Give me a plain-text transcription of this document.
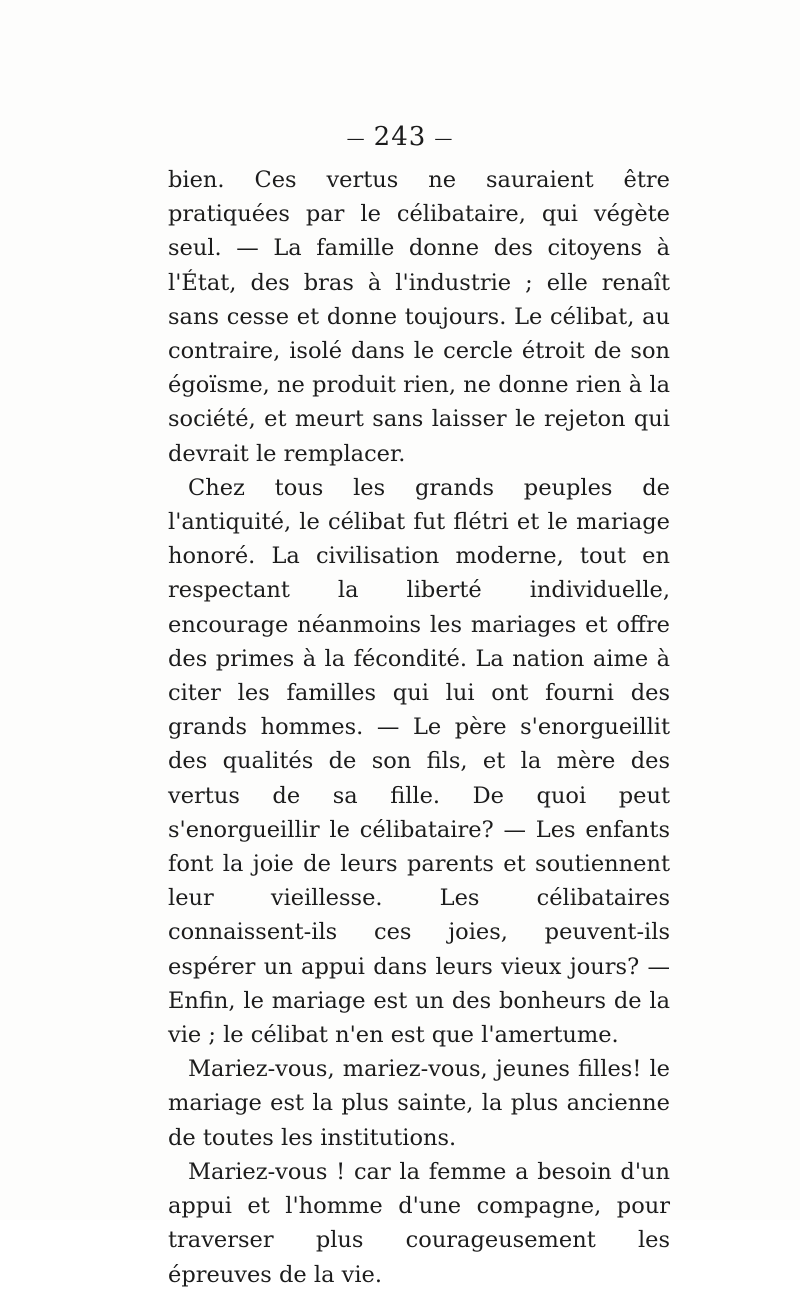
— 243 —

bien. Ces vertus ne sauraient être pratiquées par le célibataire, qui végète seul. — La famille donne des citoyens à l'État, des bras à l'industrie ; elle renaît sans cesse et donne toujours. Le célibat, au contraire, isolé dans le cercle étroit de son égoïsme, ne produit rien, ne donne rien à la société, et meurt sans laisser le rejeton qui devrait le remplacer.

Chez tous les grands peuples de l'antiquité, le célibat fut flétri et le mariage honoré. La civilisation moderne, tout en respectant la liberté individuelle, encourage néanmoins les mariages et offre des primes à la fécondité. La nation aime à citer les familles qui lui ont fourni des grands hommes. — Le père s'enorgueillit des qualités de son fils, et la mère des vertus de sa fille. De quoi peut s'enorgueillir le célibataire? — Les enfants font la joie de leurs parents et soutiennent leur vieillesse. Les célibataires connaissent-ils ces joies, peuvent-ils espérer un appui dans leurs vieux jours? — Enfin, le mariage est un des bonheurs de la vie ; le célibat n'en est que l'amertume.

Mariez-vous, mariez-vous, jeunes filles! le mariage est la plus sainte, la plus ancienne de toutes les institutions.

Mariez-vous ! car la femme a besoin d'un appui et l'homme d'une compagne, pour traverser plus courageusement les épreuves de la vie.
